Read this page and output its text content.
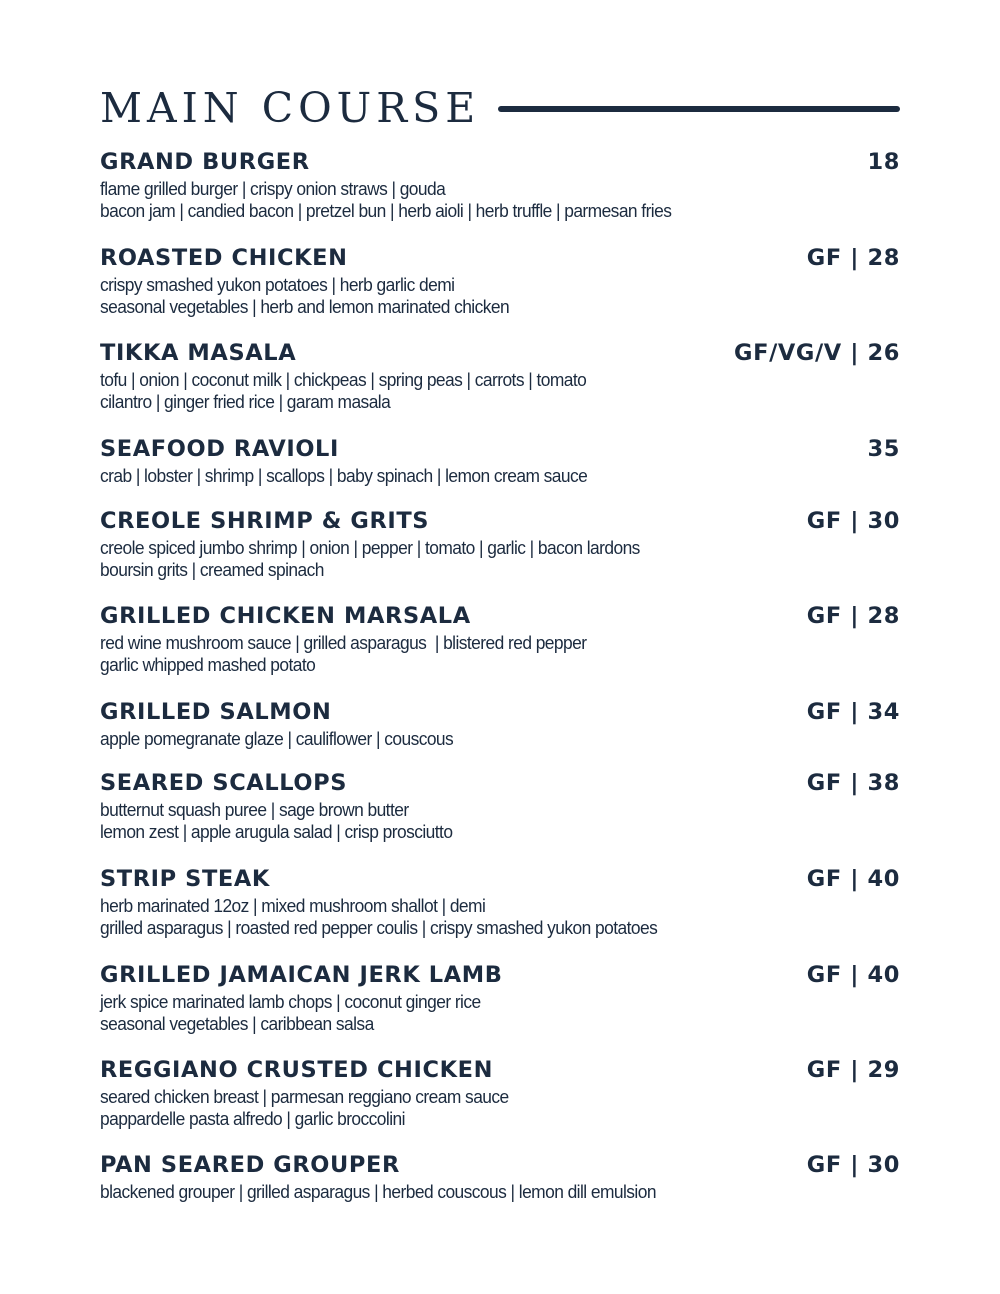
MAIN COURSE
GRAND BURGER	18
flame grilled burger | crispy onion straws | gouda
bacon jam | candied bacon | pretzel bun | herb aioli | herb truffle | parmesan fries
ROASTED CHICKEN	GF | 28
crispy smashed yukon potatoes | herb garlic demi
seasonal vegetables | herb and lemon marinated chicken
TIKKA MASALA	GF/VG/V | 26
tofu | onion | coconut milk | chickpeas | spring peas | carrots | tomato
cilantro | ginger fried rice | garam masala
SEAFOOD RAVIOLI	35
crab | lobster | shrimp | scallops | baby spinach | lemon cream sauce
CREOLE SHRIMP & GRITS	GF | 30
creole spiced jumbo shrimp | onion | pepper | tomato | garlic | bacon lardons
boursin grits | creamed spinach
GRILLED CHICKEN MARSALA	GF | 28
red wine mushroom sauce | grilled asparagus  | blistered red pepper
garlic whipped mashed potato
GRILLED SALMON	GF | 34
apple pomegranate glaze | cauliflower | couscous
SEARED SCALLOPS	GF | 38
butternut squash puree | sage brown butter
lemon zest | apple arugula salad | crisp prosciutto
STRIP STEAK	GF | 40
herb marinated 12oz | mixed mushroom shallot | demi
grilled asparagus | roasted red pepper coulis | crispy smashed yukon potatoes
GRILLED JAMAICAN JERK LAMB	GF | 40
jerk spice marinated lamb chops | coconut ginger rice
seasonal vegetables | caribbean salsa
REGGIANO CRUSTED CHICKEN	GF | 29
seared chicken breast | parmesan reggiano cream sauce
pappardelle pasta alfredo | garlic broccolini
PAN SEARED GROUPER	GF | 30
blackened grouper | grilled asparagus | herbed couscous | lemon dill emulsion
